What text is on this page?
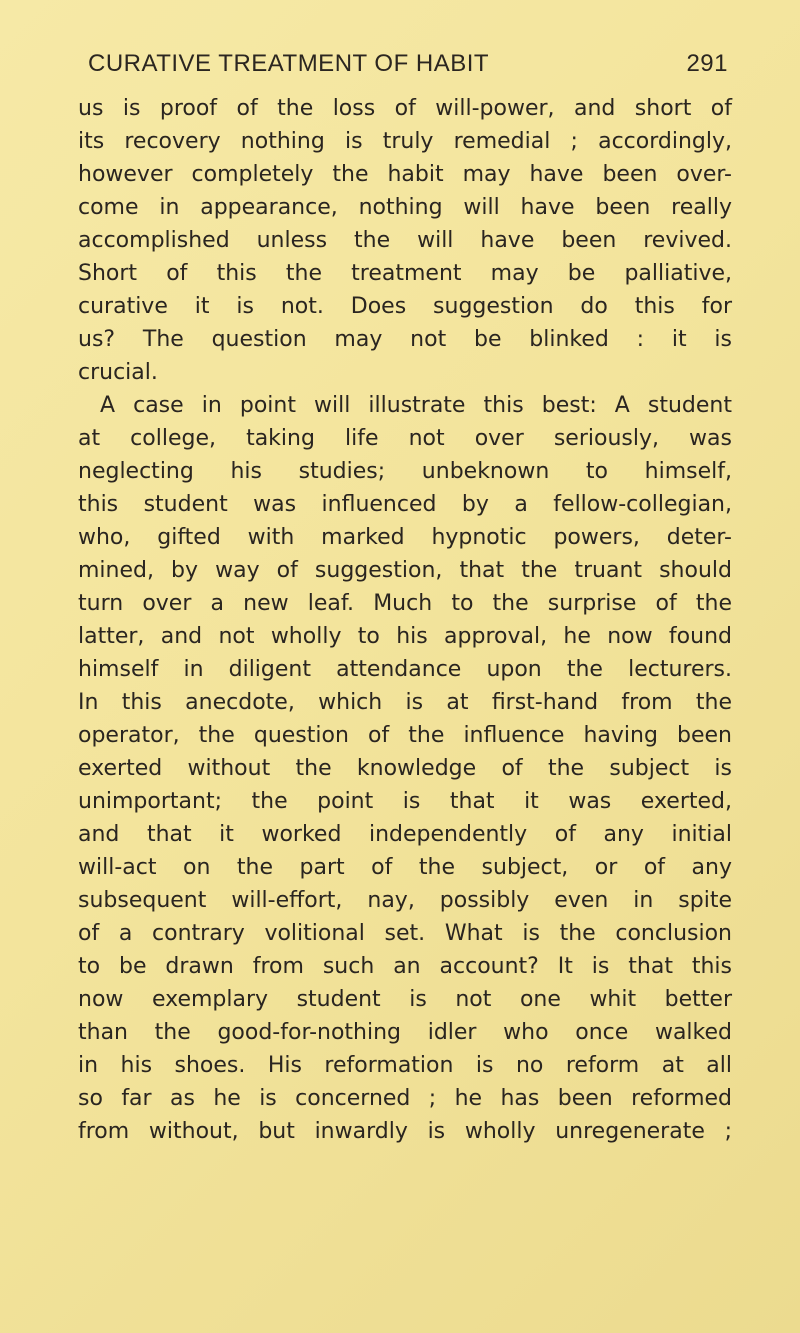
CURATIVE TREATMENT OF HABIT	291
us is proof of the loss of will-power, and short of
its recovery nothing is truly remedial ; accordingly,
however completely the habit may have been over-
come in appearance, nothing will have been really
accomplished unless the will have been revived.
Short of this the treatment may be palliative,
curative it is not. Does suggestion do this for
us? The question may not be blinked : it is
crucial.
A case in point will illustrate this best: A student
at college, taking life not over seriously, was
neglecting his studies; unbeknown to himself,
this student was influenced by a fellow-collegian,
who, gifted with marked hypnotic powers, deter-
mined, by way of suggestion, that the truant should
turn over a new leaf. Much to the surprise of the
latter, and not wholly to his approval, he now found
himself in diligent attendance upon the lecturers.
In this anecdote, which is at first-hand from the
operator, the question of the influence having been
exerted without the knowledge of the subject is
unimportant; the point is that it was exerted,
and that it worked independently of any initial
will-act on the part of the subject, or of any
subsequent will-effort, nay, possibly even in spite
of a contrary volitional set. What is the conclusion
to be drawn from such an account? It is that this
now exemplary student is not one whit better
than the good-for-nothing idler who once walked
in his shoes. His reformation is no reform at all
so far as he is concerned ; he has been reformed
from without, but inwardly is wholly unregenerate ;
